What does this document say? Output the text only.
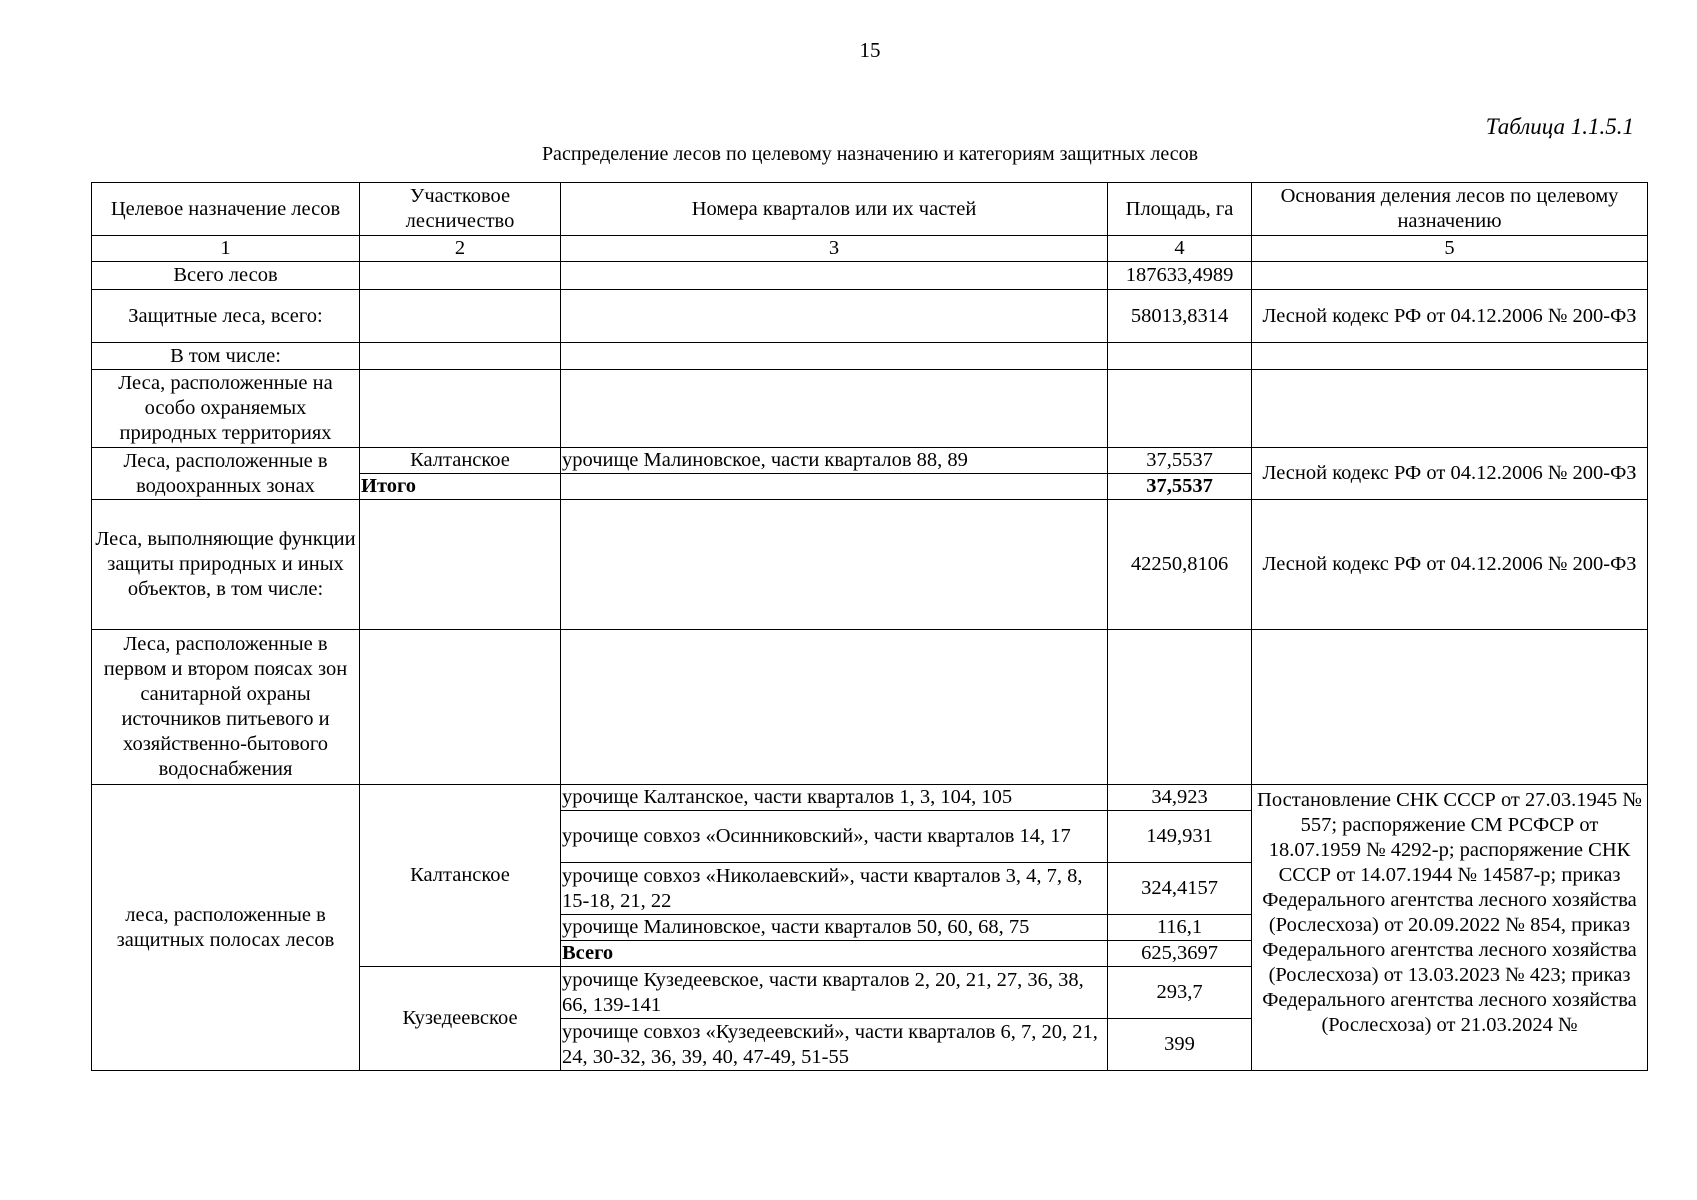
15
Таблица 1.1.5.1
Распределение лесов по целевому назначению и категориям защитных лесов
Целевое назначение лесов	Участковое лесничество	Номера кварталов или их частей	Площадь, га	Основания деления лесов по целевому назначению
1	2	3	4	5
Всего лесов			187633,4989	
Защитные леса, всего:			58013,8314	Лесной кодекс РФ от 04.12.2006 № 200-ФЗ
В том числе:				
Леса, расположенные на особо охраняемых природных территориях				
Леса, расположенные в водоохранных зонах	Калтанское	урочище Малиновское, части кварталов 88, 89	37,5537	Лесной кодекс РФ от 04.12.2006 № 200-ФЗ
	Итого		37,5537	
Леса, выполняющие функции защиты природных и иных объектов, в том числе:			42250,8106	Лесной кодекс РФ от 04.12.2006 № 200-ФЗ
Леса, расположенные в первом и втором поясах зон санитарной охраны источников питьевого и хозяйственно-бытового водоснабжения				
леса, расположенные в защитных полосах лесов	Калтанское	урочище Калтанское, части кварталов 1, 3, 104, 105	34,923	Постановление СНК СССР от 27.03.1945 № 557; распоряжение СМ РСФСР от 18.07.1959 № 4292-р; распоряжение СНК СССР от 14.07.1944 № 14587-р; приказ Федерального агентства лесного хозяйства (Рослесхоза) от 20.09.2022 № 854, приказ Федерального агентства лесного хозяйства (Рослесхоза) от 13.03.2023 № 423; приказ Федерального агентства лесного хозяйства (Рослесхоза) от 21.03.2024 №
		урочище совхоз «Осинниковский», части кварталов 14, 17	149,931	
		урочище совхоз «Николаевский», части кварталов 3, 4, 7, 8, 15-18, 21, 22	324,4157	
		урочище Малиновское, части кварталов 50, 60, 68, 75	116,1	
		Всего	625,3697	
	Кузедеевское	урочище Кузедеевское, части кварталов 2, 20, 21, 27, 36, 38, 66, 139-141	293,7	
		урочище совхоз «Кузедеевский», части кварталов 6, 7, 20, 21, 24, 30-32, 36, 39, 40, 47-49, 51-55	399	
